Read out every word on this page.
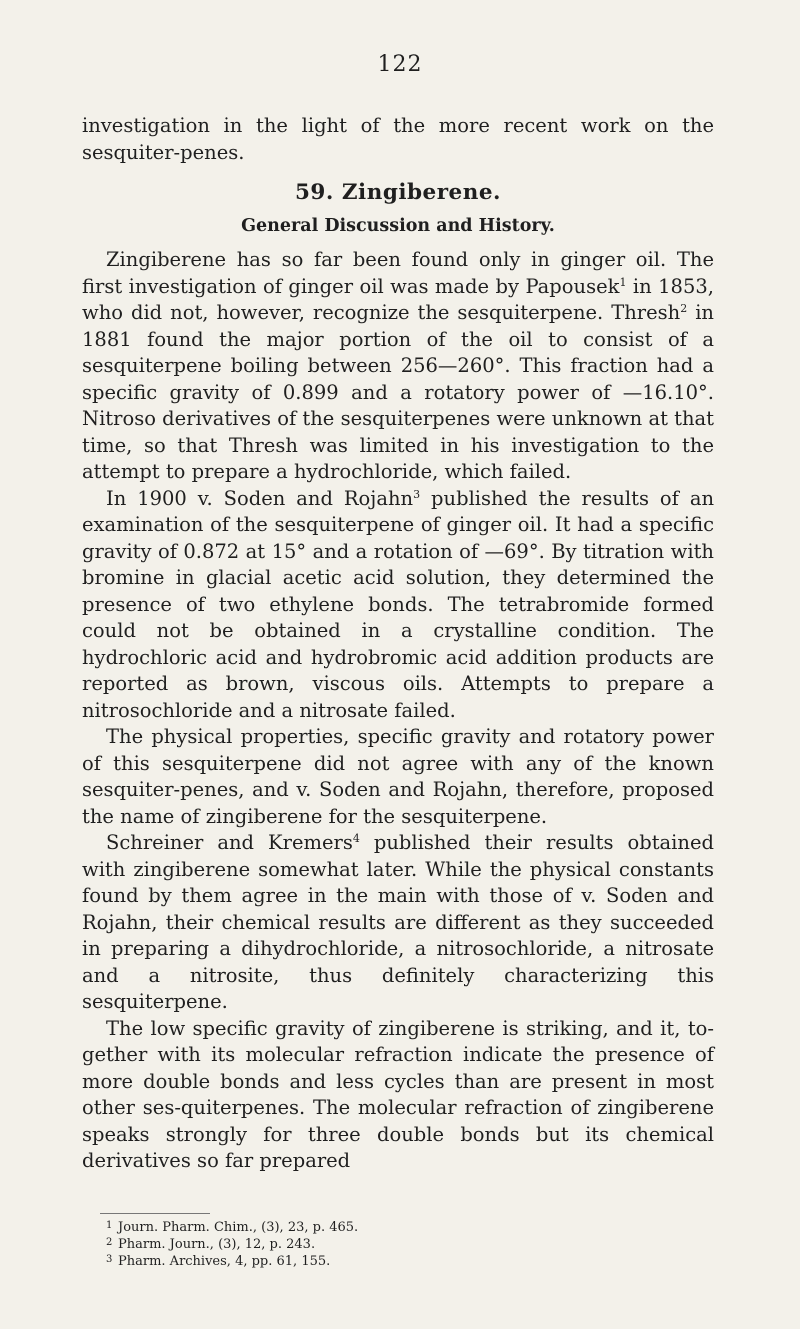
122

investigation in the light of the more recent work on the sesquiter-penes.

59. Zingiberene.
General Discussion and History.

Zingiberene has so far been found only in ginger oil. The first investigation of ginger oil was made by Papousek$^1$ in 1853, who did not, however, recognize the sesquiterpene. Thresh$^2$ in 1881 found the major portion of the oil to consist of a sesquiterpene boiling between 256—260°. This fraction had a specific gravity of 0.899 and a rotatory power of —16.10°. Nitroso derivatives of the sesquiterpenes were unknown at that time, so that Thresh was limited in his investigation to the attempt to prepare a hydrochloride, which failed.

In 1900 v. Soden and Rojahn$^3$ published the results of an examination of the sesquiterpene of ginger oil. It had a specific gravity of 0.872 at 15° and a rotation of —69°. By titration with bromine in glacial acetic acid solution, they determined the presence of two ethylene bonds. The tetrabromide formed could not be obtained in a crystalline condition. The hydrochloric acid and hydrobromic acid addition products are reported as brown, viscous oils. Attempts to prepare a nitrosochloride and a nitrosate failed.

The physical properties, specific gravity and rotatory power of this sesquiterpene did not agree with any of the known sesquiter-penes, and v. Soden and Rojahn, therefore, proposed the name of zingiberene for the sesquiterpene.

Schreiner and Kremers$^4$ published their results obtained with zingiberene somewhat later. While the physical constants found by them agree in the main with those of v. Soden and Rojahn, their chemical results are different as they succeeded in preparing a dihydrochloride, a nitrosochloride, a nitrosate and a nitrosite, thus definitely characterizing this sesquiterpene.

The low specific gravity of zingiberene is striking, and it, to-gether with its molecular refraction indicate the presence of more double bonds and less cycles than are present in most other ses-quiterpenes. The molecular refraction of zingiberene speaks strongly for three double bonds but its chemical derivatives so far prepared

1 Journ. Pharm. Chim., (3), 23, p. 465.
2 Pharm. Journ., (3), 12, p. 243.
3 Pharm. Archives, 4, pp. 61, 155.
